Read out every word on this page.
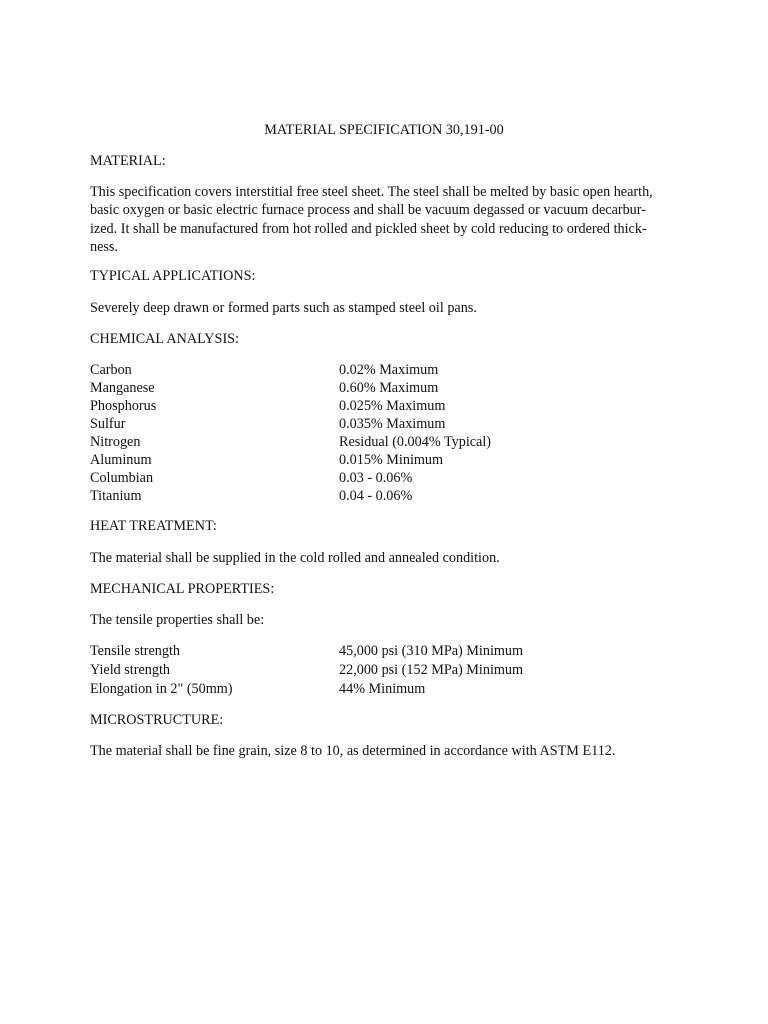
MATERIAL SPECIFICATION 30,191-00
MATERIAL:
This specification covers interstitial free steel sheet. The steel shall be melted by basic open hearth,
basic oxygen or basic electric furnace process and shall be vacuum degassed or vacuum decarbur-
ized. It shall be manufactured from hot rolled and pickled sheet by cold reducing to ordered thick-
ness.
TYPICAL APPLICATIONS:
Severely deep drawn or formed parts such as stamped steel oil pans.
CHEMICAL ANALYSIS:
Carbon	0.02% Maximum
Manganese	0.60% Maximum
Phosphorus	0.025% Maximum
Sulfur	0.035% Maximum
Nitrogen	Residual (0.004% Typical)
Aluminum	0.015% Minimum
Columbian	0.03 - 0.06%
Titanium	0.04 - 0.06%
HEAT TREATMENT:
The material shall be supplied in the cold rolled and annealed condition.
MECHANICAL PROPERTIES:
The tensile properties shall be:
Tensile strength	45,000 psi (310 MPa) Minimum
Yield strength	22,000 psi (152 MPa) Minimum
Elongation in 2" (50mm)	44% Minimum
MICROSTRUCTURE:
The material shall be fine grain, size 8 to 10, as determined in accordance with ASTM E112.
